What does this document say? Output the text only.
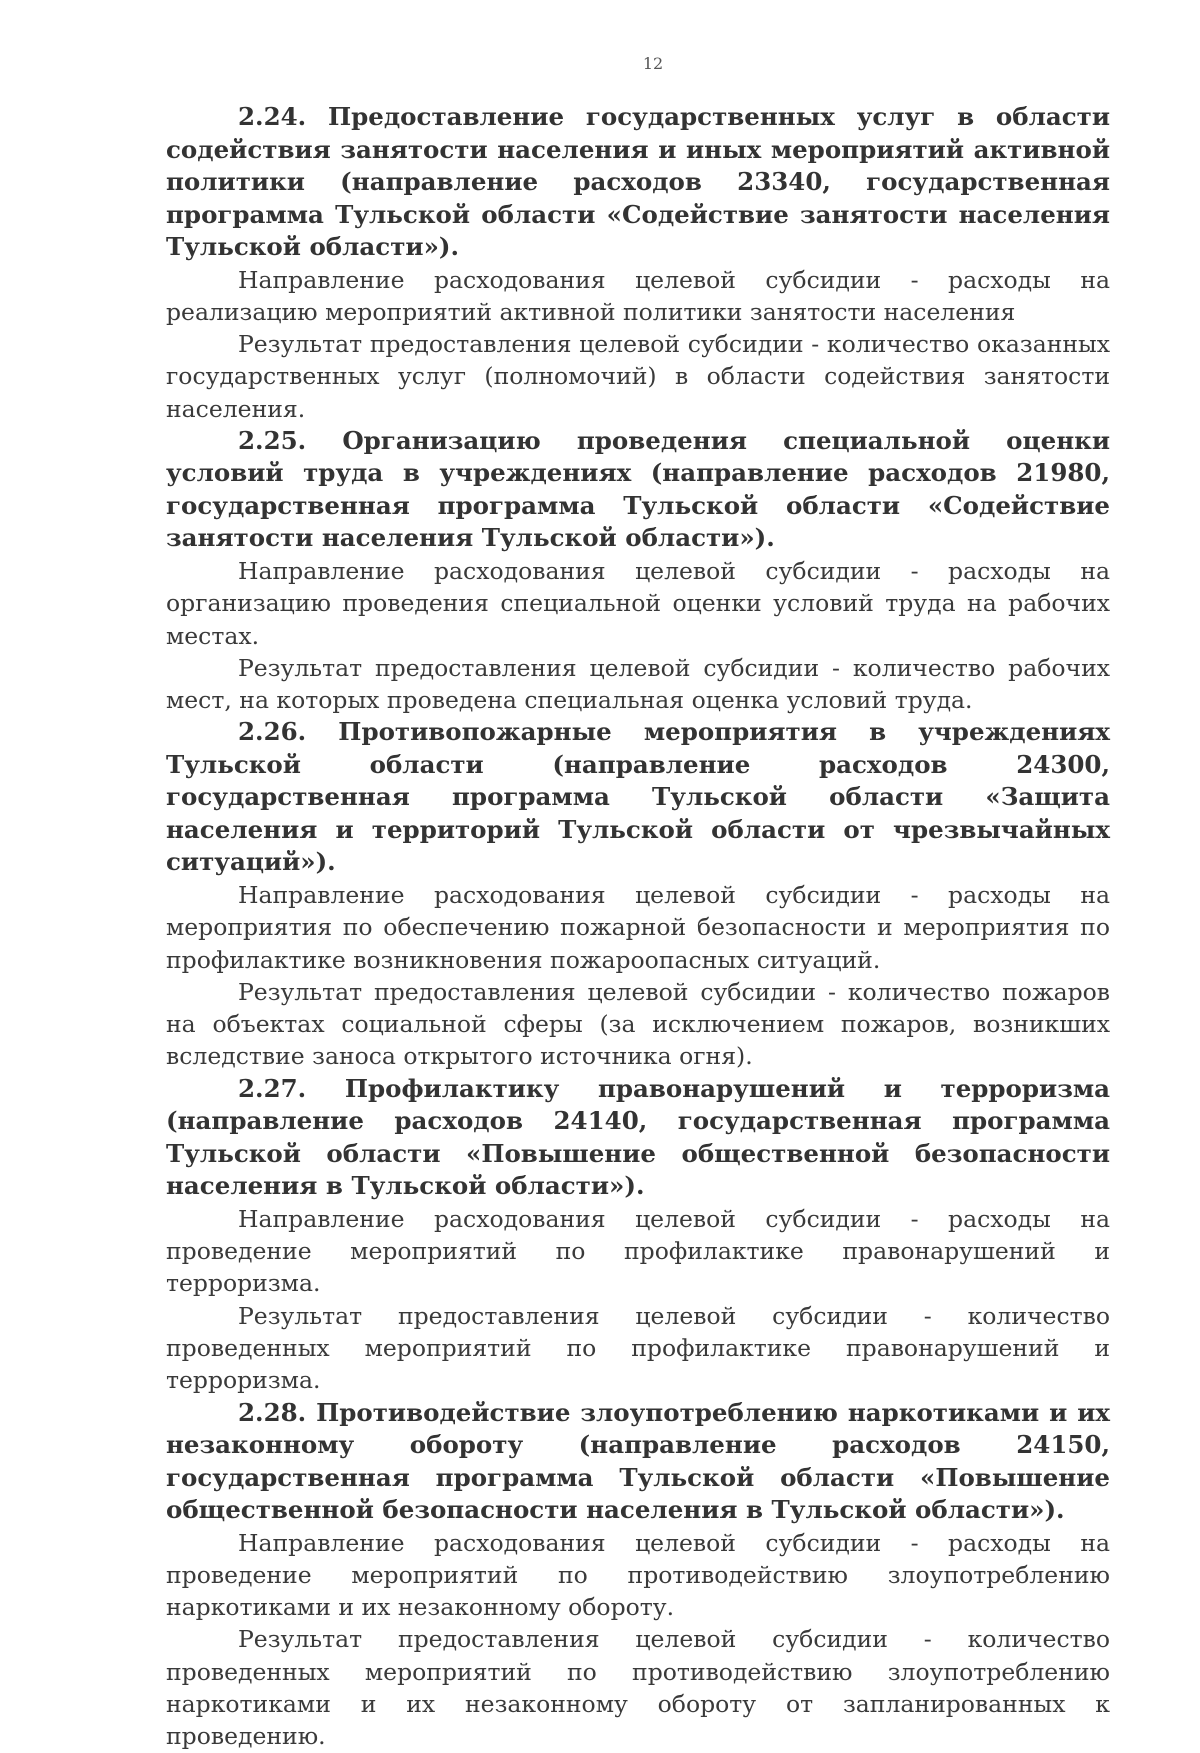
12

2.24. Предоставление государственных услуг в области содействия занятости населения и иных мероприятий активной политики (направление расходов 23340, государственная программа Тульской области «Содействие занятости населения Тульской области»).

Направление расходования целевой субсидии - расходы на реализацию мероприятий активной политики занятости населения

Результат предоставления целевой субсидии - количество оказанных государственных услуг (полномочий) в области содействия занятости населения.

2.25. Организацию проведения специальной оценки условий труда в учреждениях (направление расходов 21980, государственная программа Тульской области «Содействие занятости населения Тульской области»).

Направление расходования целевой субсидии - расходы на организацию проведения специальной оценки условий труда на рабочих местах.

Результат предоставления целевой субсидии - количество рабочих мест, на которых проведена специальная оценка условий труда.

2.26. Противопожарные мероприятия в учреждениях Тульской области (направление расходов 24300, государственная программа Тульской области «Защита населения и территорий Тульской области от чрезвычайных ситуаций»).

Направление расходования целевой субсидии - расходы на мероприятия по обеспечению пожарной безопасности и мероприятия по профилактике возникновения пожароопасных ситуаций.

Результат предоставления целевой субсидии - количество пожаров на объектах социальной сферы (за исключением пожаров, возникших вследствие заноса открытого источника огня).

2.27. Профилактику правонарушений и терроризма (направление расходов 24140, государственная программа Тульской области «Повышение общественной безопасности населения в Тульской области»).

Направление расходования целевой субсидии - расходы на проведение мероприятий по профилактике правонарушений и терроризма.

Результат предоставления целевой субсидии - количество проведенных мероприятий по профилактике правонарушений и терроризма.

2.28. Противодействие злоупотреблению наркотиками и их незаконному обороту (направление расходов 24150, государственная программа Тульской области «Повышение общественной безопасности населения в Тульской области»).

Направление расходования целевой субсидии - расходы на проведение мероприятий по противодействию злоупотреблению наркотиками и их незаконному обороту.

Результат предоставления целевой субсидии - количество проведенных мероприятий по противодействию злоупотреблению наркотиками и их незаконному обороту от запланированных к проведению.
